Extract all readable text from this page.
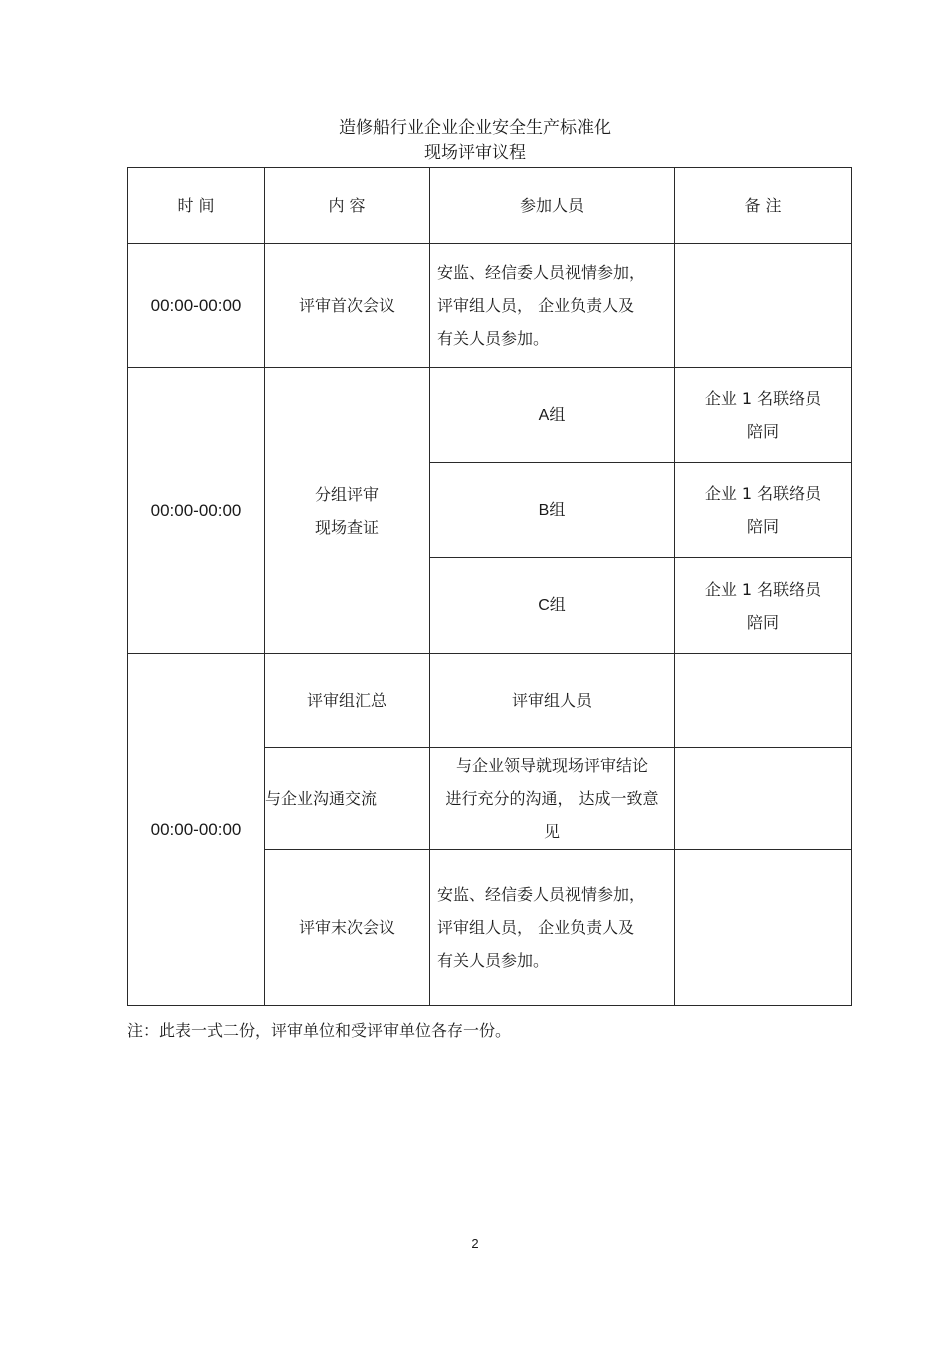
造修船行业企业企业安全生产标准化
现场评审议程
时 间	内 容	参加人员	备 注
00:00-00:00	评审首次会议	安监、经信委人员视情参加，
评审组人员， 企业负责人及
有关人员参加。	
00:00-00:00	分组评审
现场查证	A组	企业 1 名联络员
陪同
		B组	企业 1 名联络员
陪同
		C组	企业 1 名联络员
陪同
00:00-00:00	评审组汇总	评审组人员	
	与企业沟通交流	与企业领导就现场评审结论
进行充分的沟通， 达成一致意
见	
	评审末次会议	安监、经信委人员视情参加，
评审组人员， 企业负责人及
有关人员参加。	

注：此表一式二份，评审单位和受评审单位各存一份。

2
